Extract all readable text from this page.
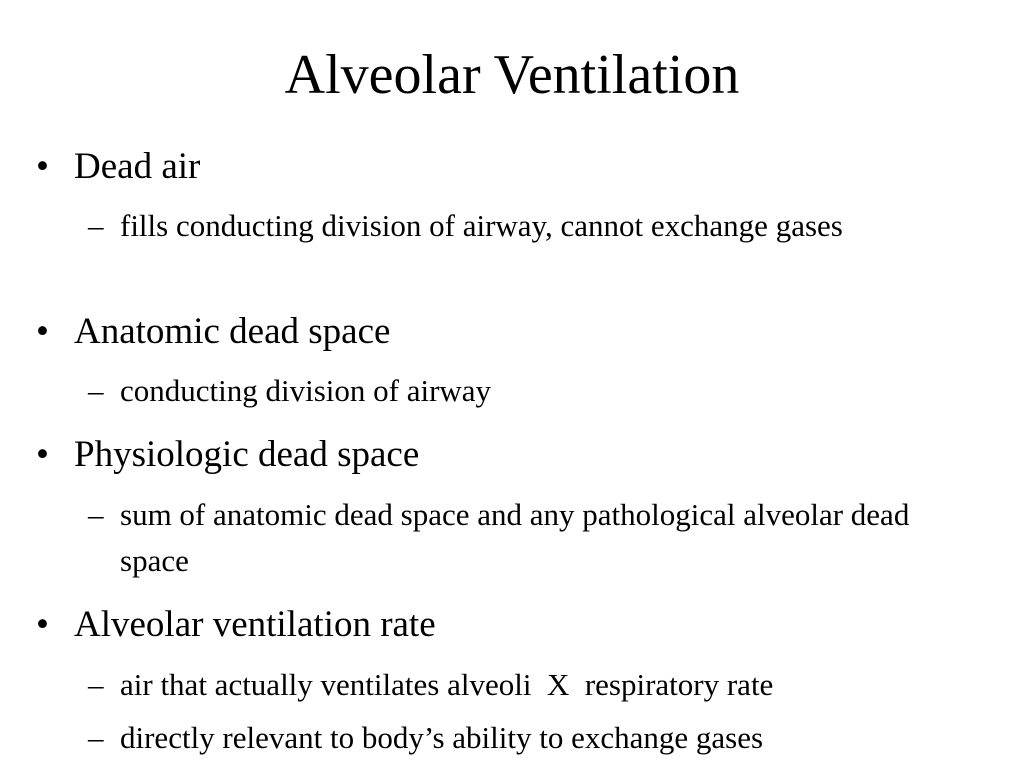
Alveolar Ventilation
• Dead air
– fills conducting division of airway, cannot exchange gases
• Anatomic dead space
– conducting division of airway
• Physiologic dead space
– sum of anatomic dead space and any pathological alveolar dead space
• Alveolar ventilation rate
– air that actually ventilates alveoli  X  respiratory rate
– directly relevant to body’s ability to exchange gases
